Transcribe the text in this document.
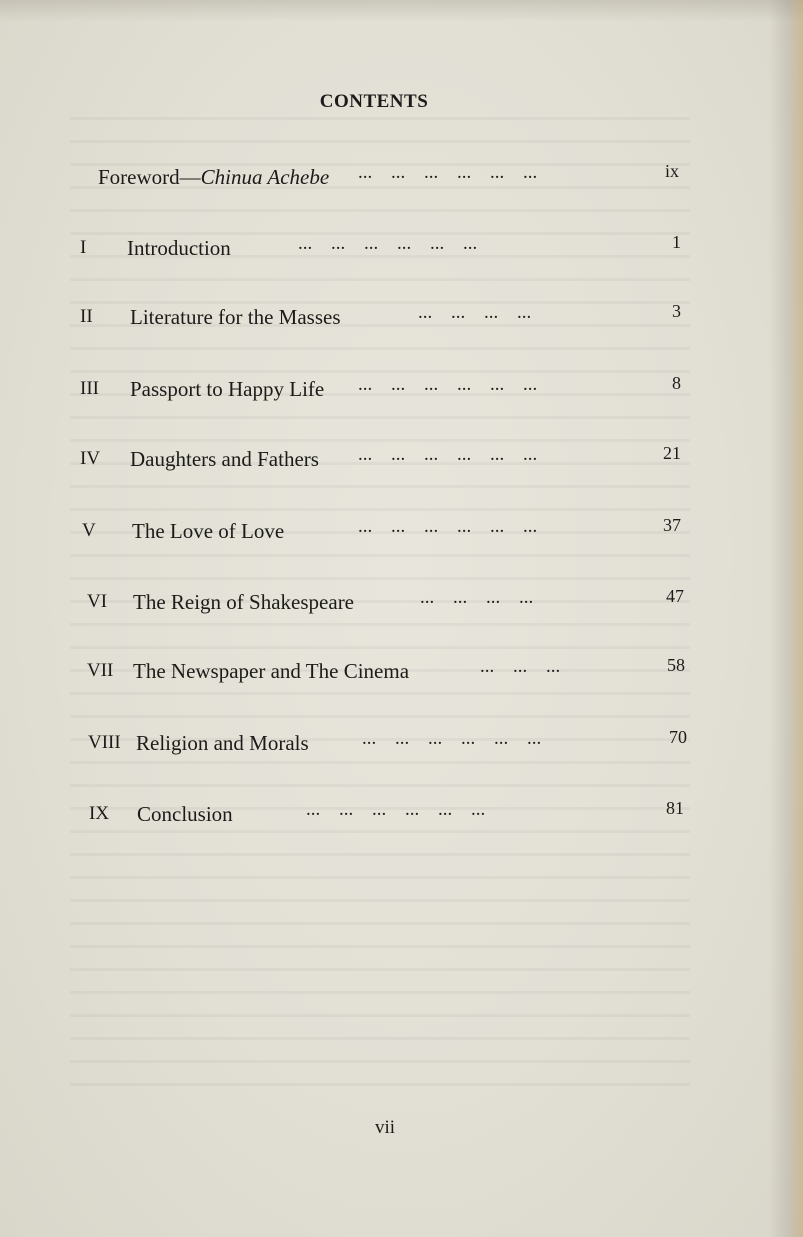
CONTENTS
Foreword—Chinua Achebe ... ... ... ... ... ...	ix
I Introduction	... ... ... ... ... ...	1
II Literature for the Masses	... ... ... ...	3
III Passport to Happy Life ... ... ... ... ... ...	8
IV Daughters and Fathers ... ... ... ... ... ...	21
V The Love of Love	... ... ... ... ... ...	37
VI The Reign of Shakespeare	... ... ... ...	47
VII The Newspaper and The Cinema	... ... ...	58
VIII Religion and Morals	... ... ... ... ... ...	70
IX Conclusion	... ... ... ... ... ...	81
vii
